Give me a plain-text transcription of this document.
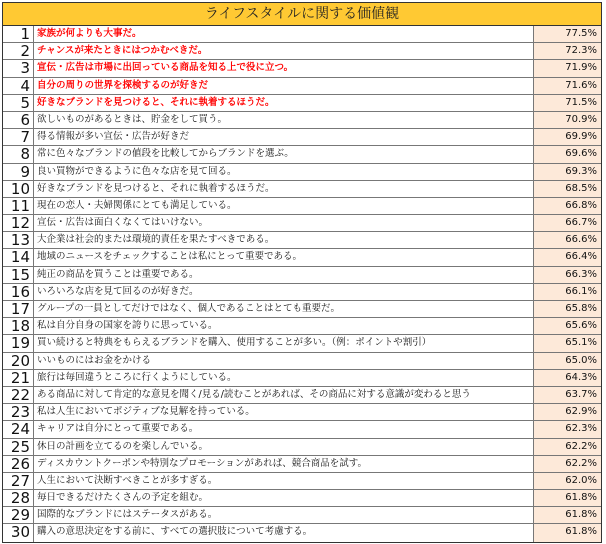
ライフスタイルに関する価値観
1 家族が何よりも大事だ。	77.5%
2 チャンスが来たときにはつかむべきだ。	72.3%
3 宣伝・広告は市場に出回っている商品を知る上で役に立つ。	71.9%
4 自分の周りの世界を探検するのが好きだ	71.6%
5 好きなブランドを見つけると、それに執着するほうだ。	71.5%
6 欲しいものがあるときは、貯金をして買う。	70.9%
7 得る情報が多い宣伝・広告が好きだ	69.9%
8 常に色々なブランドの値段を比較してからブランドを選ぶ。	69.6%
9 良い買物ができるように色々な店を見て回る。	69.3%
10 好きなブランドを見つけると、それに執着するほうだ。	68.5%
11 現在の恋人・夫婦関係にとても満足している。	66.8%
12 宣伝・広告は面白くなくてはいけない。	66.7%
13 大企業は社会的または環境的責任を果たすべきである。	66.6%
14 地域のニュースをチェックすることは私にとって重要である。	66.4%
15 純正の商品を買うことは重要である。	66.3%
16 いろいろな店を見て回るのが好きだ。	66.1%
17 グループの一員としてだけではなく、個人であることはとても重要だ。	65.8%
18 私は自分自身の国家を誇りに思っている。	65.6%
19 買い続けると特典をもらえるブランドを購入、使用することが多い。（例：ポイントや割引）	65.1%
20 いいものにはお金をかける	65.0%
21 旅行は毎回違うところに行くようにしている。	64.3%
22 ある商品に対して肯定的な意見を聞く/見る/読むことがあれば、その商品に対する意識が変わると思う	63.7%
23 私は人生においてポジティブな見解を持っている。	62.9%
24 キャリアは自分にとって重要である。	62.3%
25 休日の計画を立てるのを楽しんでいる。	62.2%
26 ディスカウントクーポンや特別なプロモーションがあれば、競合商品を試す。	62.2%
27 人生において決断すべきことが多すぎる。	62.0%
28 毎日できるだけたくさんの予定を組む。	61.8%
29 国際的なブランドにはステータスがある。	61.8%
30 購入の意思決定をする前に、すべての選択肢について考慮する。	61.8%
